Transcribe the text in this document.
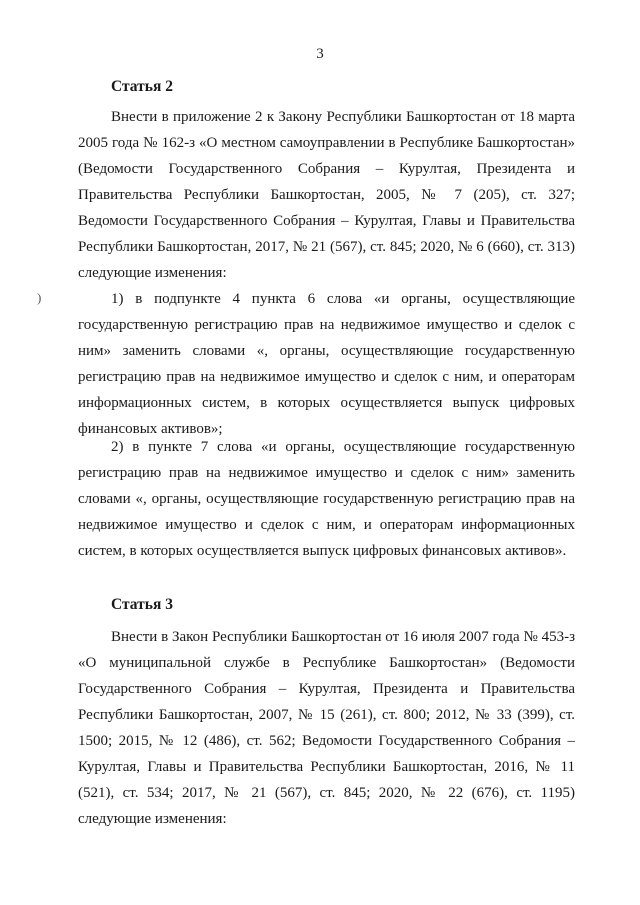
3
Статья 2

Внести в приложение 2 к Закону Республики Башкортостан от 18 марта 2005 года № 162-з «О местном самоуправлении в Республике Башкортостан» (Ведомости Государственного Собрания – Курултая, Президента и Правительства Республики Башкортостан, 2005, № 7 (205), ст. 327; Ведомости Государственного Собрания – Курултая, Главы и Правительства Республики Башкортостан, 2017, № 21 (567), ст. 845; 2020, № 6 (660), ст. 313) следующие изменения:

)	1) в подпункте 4 пункта 6 слова «и органы, осуществляющие государственную регистрацию прав на недвижимое имущество и сделок с ним» заменить словами «, органы, осуществляющие государственную регистрацию прав на недвижимое имущество и сделок с ним, и операторам информационных систем, в которых осуществляется выпуск цифровых финансовых активов»;

2) в пункте 7 слова «и органы, осуществляющие государственную регистрацию прав на недвижимое имущество и сделок с ним» заменить словами «, органы, осуществляющие государственную регистрацию прав на недвижимое имущество и сделок с ним, и операторам информационных систем, в которых осуществляется выпуск цифровых финансовых активов».

Статья 3

Внести в Закон Республики Башкортостан от 16 июля 2007 года № 453-з «О муниципальной службе в Республике Башкортостан» (Ведомости Государственного Собрания – Курултая, Президента и Правительства Республики Башкортостан, 2007, № 15 (261), ст. 800; 2012, № 33 (399), ст. 1500; 2015, № 12 (486), ст. 562; Ведомости Государственного Собрания – Курултая, Главы и Правительства Республики Башкортостан, 2016, № 11 (521), ст. 534; 2017, № 21 (567), ст. 845; 2020, № 22 (676), ст. 1195) следующие изменения:
